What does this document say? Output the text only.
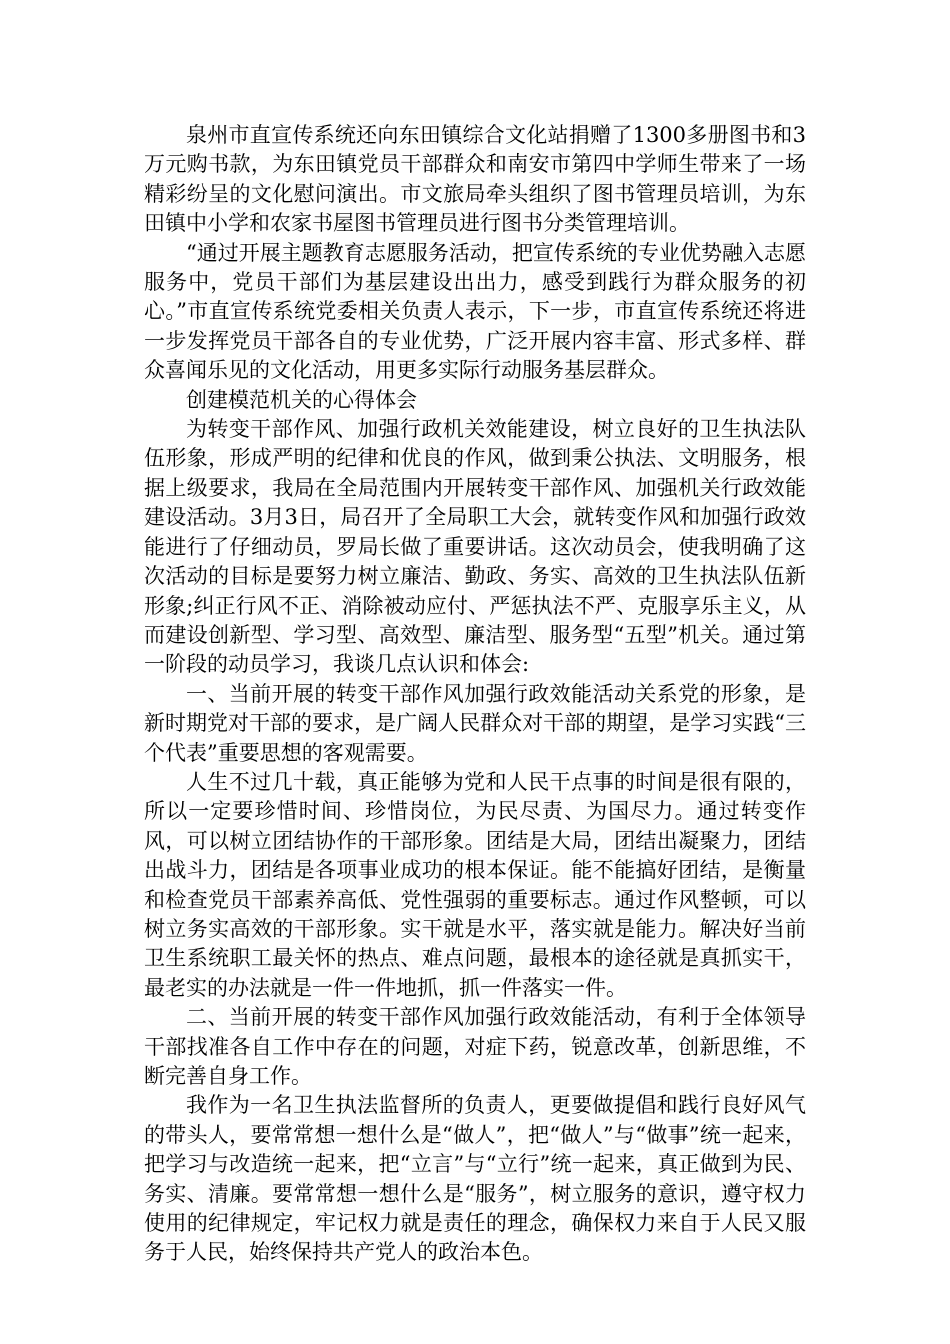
泉州市直宣传系统还向东田镇综合文化站捐赠了1300多册图书和3万元购书款，为东田镇党员干部群众和南安市第四中学师生带来了一场精彩纷呈的文化慰问演出。市文旅局牵头组织了图书管理员培训，为东田镇中小学和农家书屋图书管理员进行图书分类管理培训。

“通过开展主题教育志愿服务活动，把宣传系统的专业优势融入志愿服务中，党员干部们为基层建设出出力，感受到践行为群众服务的初心。”市直宣传系统党委相关负责人表示，下一步，市直宣传系统还将进一步发挥党员干部各自的专业优势，广泛开展内容丰富、形式多样、群众喜闻乐见的文化活动，用更多实际行动服务基层群众。

创建模范机关的心得体会

为转变干部作风、加强行政机关效能建设，树立良好的卫生执法队伍形象，形成严明的纪律和优良的作风，做到秉公执法、文明服务，根据上级要求，我局在全局范围内开展转变干部作风、加强机关行政效能建设活动。3月3日，局召开了全局职工大会，就转变作风和加强行政效能进行了仔细动员，罗局长做了重要讲话。这次动员会，使我明确了这次活动的目标是要努力树立廉洁、勤政、务实、高效的卫生执法队伍新形象;纠正行风不正、消除被动应付、严惩执法不严、克服享乐主义，从而建设创新型、学习型、高效型、廉洁型、服务型“五型”机关。通过第一阶段的动员学习，我谈几点认识和体会:

一、当前开展的转变干部作风加强行政效能活动关系党的形象，是新时期党对干部的要求，是广阔人民群众对干部的期望，是学习实践“三个代表”重要思想的客观需要。

人生不过几十载，真正能够为党和人民干点事的时间是很有限的，所以一定要珍惜时间、珍惜岗位，为民尽责、为国尽力。通过转变作风，可以树立团结协作的干部形象。团结是大局，团结出凝聚力，团结出战斗力，团结是各项事业成功的根本保证。能不能搞好团结，是衡量和检查党员干部素养高低、党性强弱的重要标志。通过作风整顿，可以树立务实高效的干部形象。实干就是水平，落实就是能力。解决好当前卫生系统职工最关怀的热点、难点问题，最根本的途径就是真抓实干，最老实的办法就是一件一件地抓，抓一件落实一件。

二、当前开展的转变干部作风加强行政效能活动，有利于全体领导干部找准各自工作中存在的问题，对症下药，锐意改革，创新思维，不断完善自身工作。

我作为一名卫生执法监督所的负责人，更要做提倡和践行良好风气的带头人，要常常想一想什么是“做人”，把“做人”与“做事”统一起来，把学习与改造统一起来，把“立言”与“立行”统一起来，真正做到为民、务实、清廉。要常常想一想什么是“服务”，树立服务的意识，遵守权力使用的纪律规定，牢记权力就是责任的理念，确保权力来自于人民又服务于人民，始终保持共产党人的政治本色。
